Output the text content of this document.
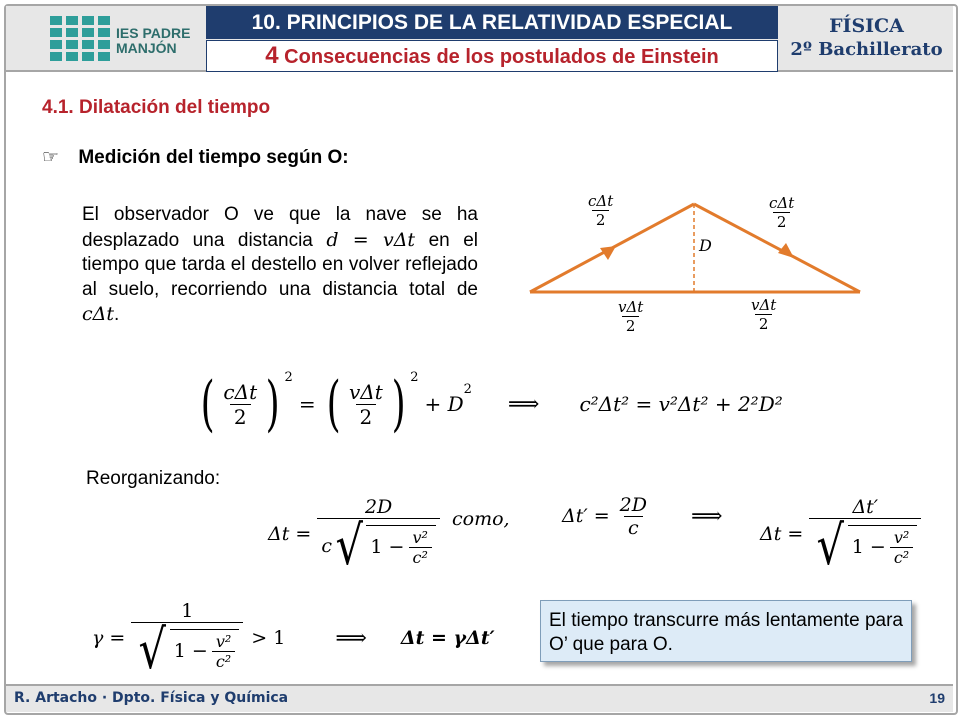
IES PADRE
MANJÓN
10. PRINCIPIOS DE LA RELATIVIDAD ESPECIAL
4 Consecuencias de los postulados de Einstein
FÍSICA
2º Bachillerato
4.1. Dilatación del tiempo
☞ Medición del tiempo según O:
El observador O ve que la nave se ha desplazado una distancia d = vΔt en el tiempo que tarda el destello en volver reflejado al suelo, recorriendo una distancia total de cΔt.
$\frac{\text{cΔt}}{2}$	$\frac{\text{cΔt}}{2}$
D
$\frac{\text{vΔt}}{2}$	$\frac{\text{vΔt}}{2}$
( $\frac{\text{cΔt}}{2}$ ) 2
= ( $\frac{\text{vΔt}}{2}$ ) 2
+ D
2
⟹ c²Δt² = v²Δt² + 2²D²
Reorganizando:
$\Delta t = \frac{2D}{c √ 1 - \frac{\text{v²}}{\text{c²}}}$ como,	$\Delta t' = \frac{2D}{c}$ ⟹
$\Delta t = \frac{\Delta t'}{√ 1 - \frac{\text{v²}}{\text{c²}}}$
$\gamma = \frac{1}{√ 1 - \frac{\text{v²}}{\text{c²}}} > 1$ ⟹ Δt = γΔt′
El tiempo transcurre más lentamente para O’ que para O.
R. Artacho · Dpto. Física y Química	19
